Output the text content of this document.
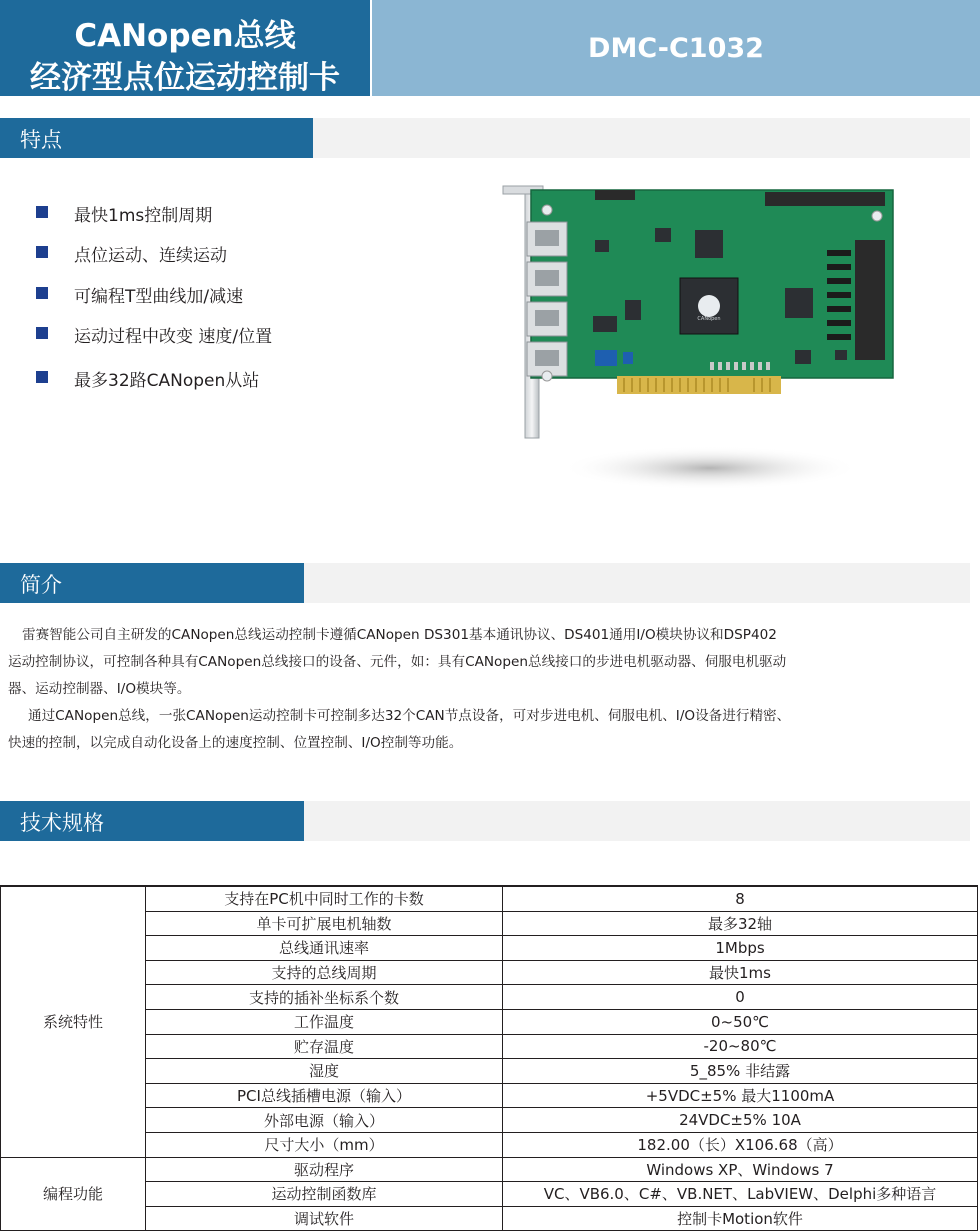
CANopen总线
经济型点位运动控制卡
DMC-C1032
特点
最快1ms控制周期
点位运动、连续运动
可编程T型曲线加/减速
运动过程中改变 速度/位置
最多32路CANopen从站
CANopen
简介

雷赛智能公司自主研发的CANopen总线运动控制卡遵循CANopen DS301基本通讯协议、DS401通用I/O模块协议和DSP402
运动控制协议，可控制各种具有CANopen总线接口的设备、元件，如：具有CANopen总线接口的步进电机驱动器、伺服电机驱动
器、运动控制器、I/O模块等。

通过CANopen总线，一张CANopen运动控制卡可控制多达32个CAN节点设备，可对步进电机、伺服电机、I/O设备进行精密、
快速的控制，以完成自动化设备上的速度控制、位置控制、I/O控制等功能。

技术规格
系统特性	支持在PC机中同时工作的卡数	8
	单卡可扩展电机轴数	最多32轴
	总线通讯速率	1Mbps
	支持的总线周期	最快1ms
	支持的插补坐标系个数	0
	工作温度	0~50℃
	贮存温度	-20~80℃
	湿度	5_85% 非结露
	PCI总线插槽电源（输入）	+5VDC±5% 最大1100mA
	外部电源（输入）	24VDC±5% 10A
	尺寸大小（mm）	182.00（长）X106.68（高）
编程功能	驱动程序	Windows XP、Windows 7
	运动控制函数库	VC、VB6.0、C#、VB.NET、LabVIEW、Delphi多种语言
	调试软件	控制卡Motion软件
